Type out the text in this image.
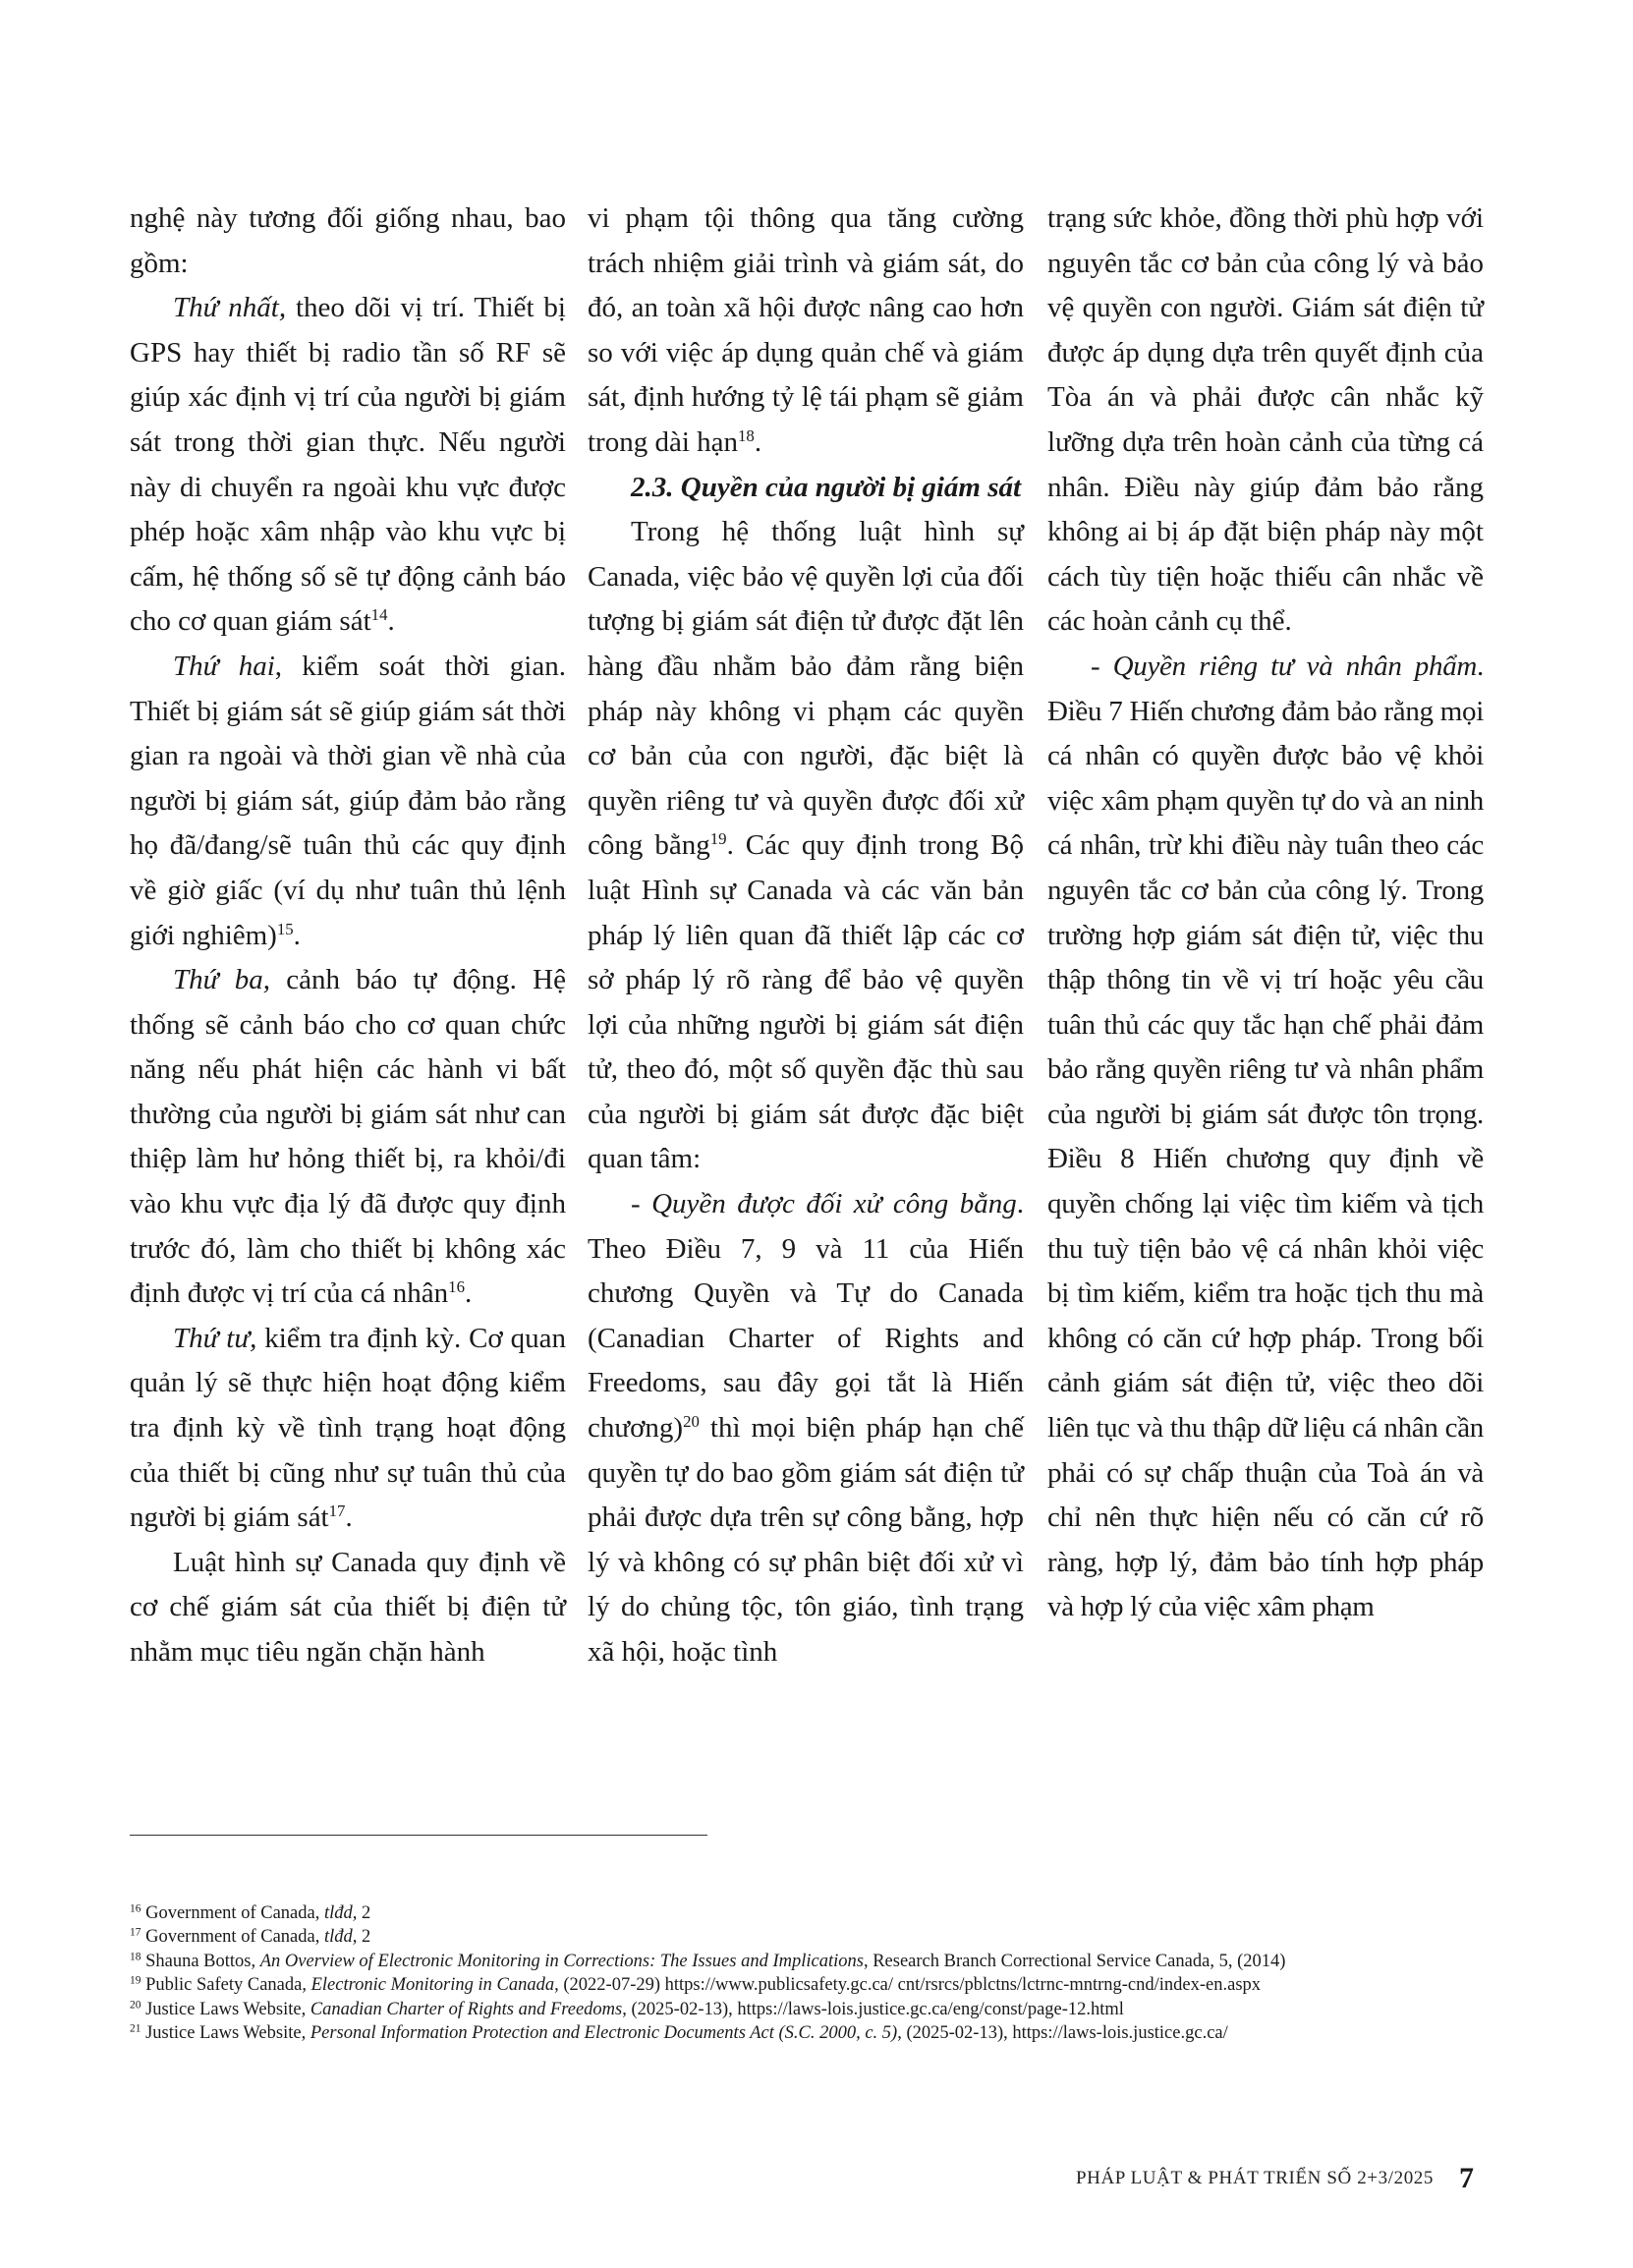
nghệ này tương đối giống nhau, bao gồm:

Thứ nhất, theo dõi vị trí. Thiết bị GPS hay thiết bị radio tần số RF sẽ giúp xác định vị trí của người bị giám sát trong thời gian thực. Nếu người này di chuyển ra ngoài khu vực được phép hoặc xâm nhập vào khu vực bị cấm, hệ thống số sẽ tự động cảnh báo cho cơ quan giám sát$^{14}$.

Thứ hai, kiểm soát thời gian. Thiết bị giám sát sẽ giúp giám sát thời gian ra ngoài và thời gian về nhà của người bị giám sát, giúp đảm bảo rằng họ đã/đang/sẽ tuân thủ các quy định về giờ giấc (ví dụ như tuân thủ lệnh giới nghiêm)$^{15}$.

Thứ ba, cảnh báo tự động. Hệ thống sẽ cảnh báo cho cơ quan chức năng nếu phát hiện các hành vi bất thường của người bị giám sát như can thiệp làm hư hỏng thiết bị, ra khỏi/đi vào khu vực địa lý đã được quy định trước đó, làm cho thiết bị không xác định được vị trí của cá nhân$^{16}$.

Thứ tư, kiểm tra định kỳ. Cơ quan quản lý sẽ thực hiện hoạt động kiểm tra định kỳ về tình trạng hoạt động của thiết bị cũng như sự tuân thủ của người bị giám sát$^{17}$.

Luật hình sự Canada quy định về cơ chế giám sát của thiết bị điện tử nhằm mục tiêu ngăn chặn hành

vi phạm tội thông qua tăng cường trách nhiệm giải trình và giám sát, do đó, an toàn xã hội được nâng cao hơn so với việc áp dụng quản chế và giám sát, định hướng tỷ lệ tái phạm sẽ giảm trong dài hạn$^{18}$.

2.3. Quyền của người bị giám sát

Trong hệ thống luật hình sự Canada, việc bảo vệ quyền lợi của đối tượng bị giám sát điện tử được đặt lên hàng đầu nhằm bảo đảm rằng biện pháp này không vi phạm các quyền cơ bản của con người, đặc biệt là quyền riêng tư và quyền được đối xử công bằng$^{19}$. Các quy định trong Bộ luật Hình sự Canada và các văn bản pháp lý liên quan đã thiết lập các cơ sở pháp lý rõ ràng để bảo vệ quyền lợi của những người bị giám sát điện tử, theo đó, một số quyền đặc thù sau của người bị giám sát được đặc biệt quan tâm:

- Quyền được đối xử công bằng. Theo Điều 7, 9 và 11 của Hiến chương Quyền và Tự do Canada (Canadian Charter of Rights and Freedoms, sau đây gọi tắt là Hiến chương)$^{20}$ thì mọi biện pháp hạn chế quyền tự do bao gồm giám sát điện tử phải được dựa trên sự công bằng, hợp lý và không có sự phân biệt đối xử vì lý do chủng tộc, tôn giáo, tình trạng xã hội, hoặc tình

trạng sức khỏe, đồng thời phù hợp với nguyên tắc cơ bản của công lý và bảo vệ quyền con người. Giám sát điện tử được áp dụng dựa trên quyết định của Tòa án và phải được cân nhắc kỹ lưỡng dựa trên hoàn cảnh của từng cá nhân. Điều này giúp đảm bảo rằng không ai bị áp đặt biện pháp này một cách tùy tiện hoặc thiếu cân nhắc về các hoàn cảnh cụ thể.

- Quyền riêng tư và nhân phẩm. Điều 7 Hiến chương đảm bảo rằng mọi cá nhân có quyền được bảo vệ khỏi việc xâm phạm quyền tự do và an ninh cá nhân, trừ khi điều này tuân theo các nguyên tắc cơ bản của công lý. Trong trường hợp giám sát điện tử, việc thu thập thông tin về vị trí hoặc yêu cầu tuân thủ các quy tắc hạn chế phải đảm bảo rằng quyền riêng tư và nhân phẩm của người bị giám sát được tôn trọng. Điều 8 Hiến chương quy định về quyền chống lại việc tìm kiếm và tịch thu tuỳ tiện bảo vệ cá nhân khỏi việc bị tìm kiếm, kiểm tra hoặc tịch thu mà không có căn cứ hợp pháp. Trong bối cảnh giám sát điện tử, việc theo dõi liên tục và thu thập dữ liệu cá nhân cần phải có sự chấp thuận của Toà án và chỉ nên thực hiện nếu có căn cứ rõ ràng, hợp lý, đảm bảo tính hợp pháp và hợp lý của việc xâm phạm

$^{16}$ Government of Canada, tlđd, 2
$^{17}$ Government of Canada, tlđd, 2
$^{18}$ Shauna Bottos, An Overview of Electronic Monitoring in Corrections: The Issues and Implications, Research Branch Correctional Service Canada, 5, (2014)
$^{19}$ Public Safety Canada, Electronic Monitoring in Canada, (2022-07-29) https://www.publicsafety.gc.ca/ cnt/rsrcs/pblctns/lctrnc-mntrng-cnd/index-en.aspx
$^{20}$ Justice Laws Website, Canadian Charter of Rights and Freedoms, (2025-02-13), https://laws-lois.justice.gc.ca/eng/const/page-12.html
$^{21}$ Justice Laws Website, Personal Information Protection and Electronic Documents Act (S.C. 2000, c. 5), (2025-02-13), https://laws-lois.justice.gc.ca/
PHÁP LUẬT & PHÁT TRIỂN SỐ 2+3/2025 7
